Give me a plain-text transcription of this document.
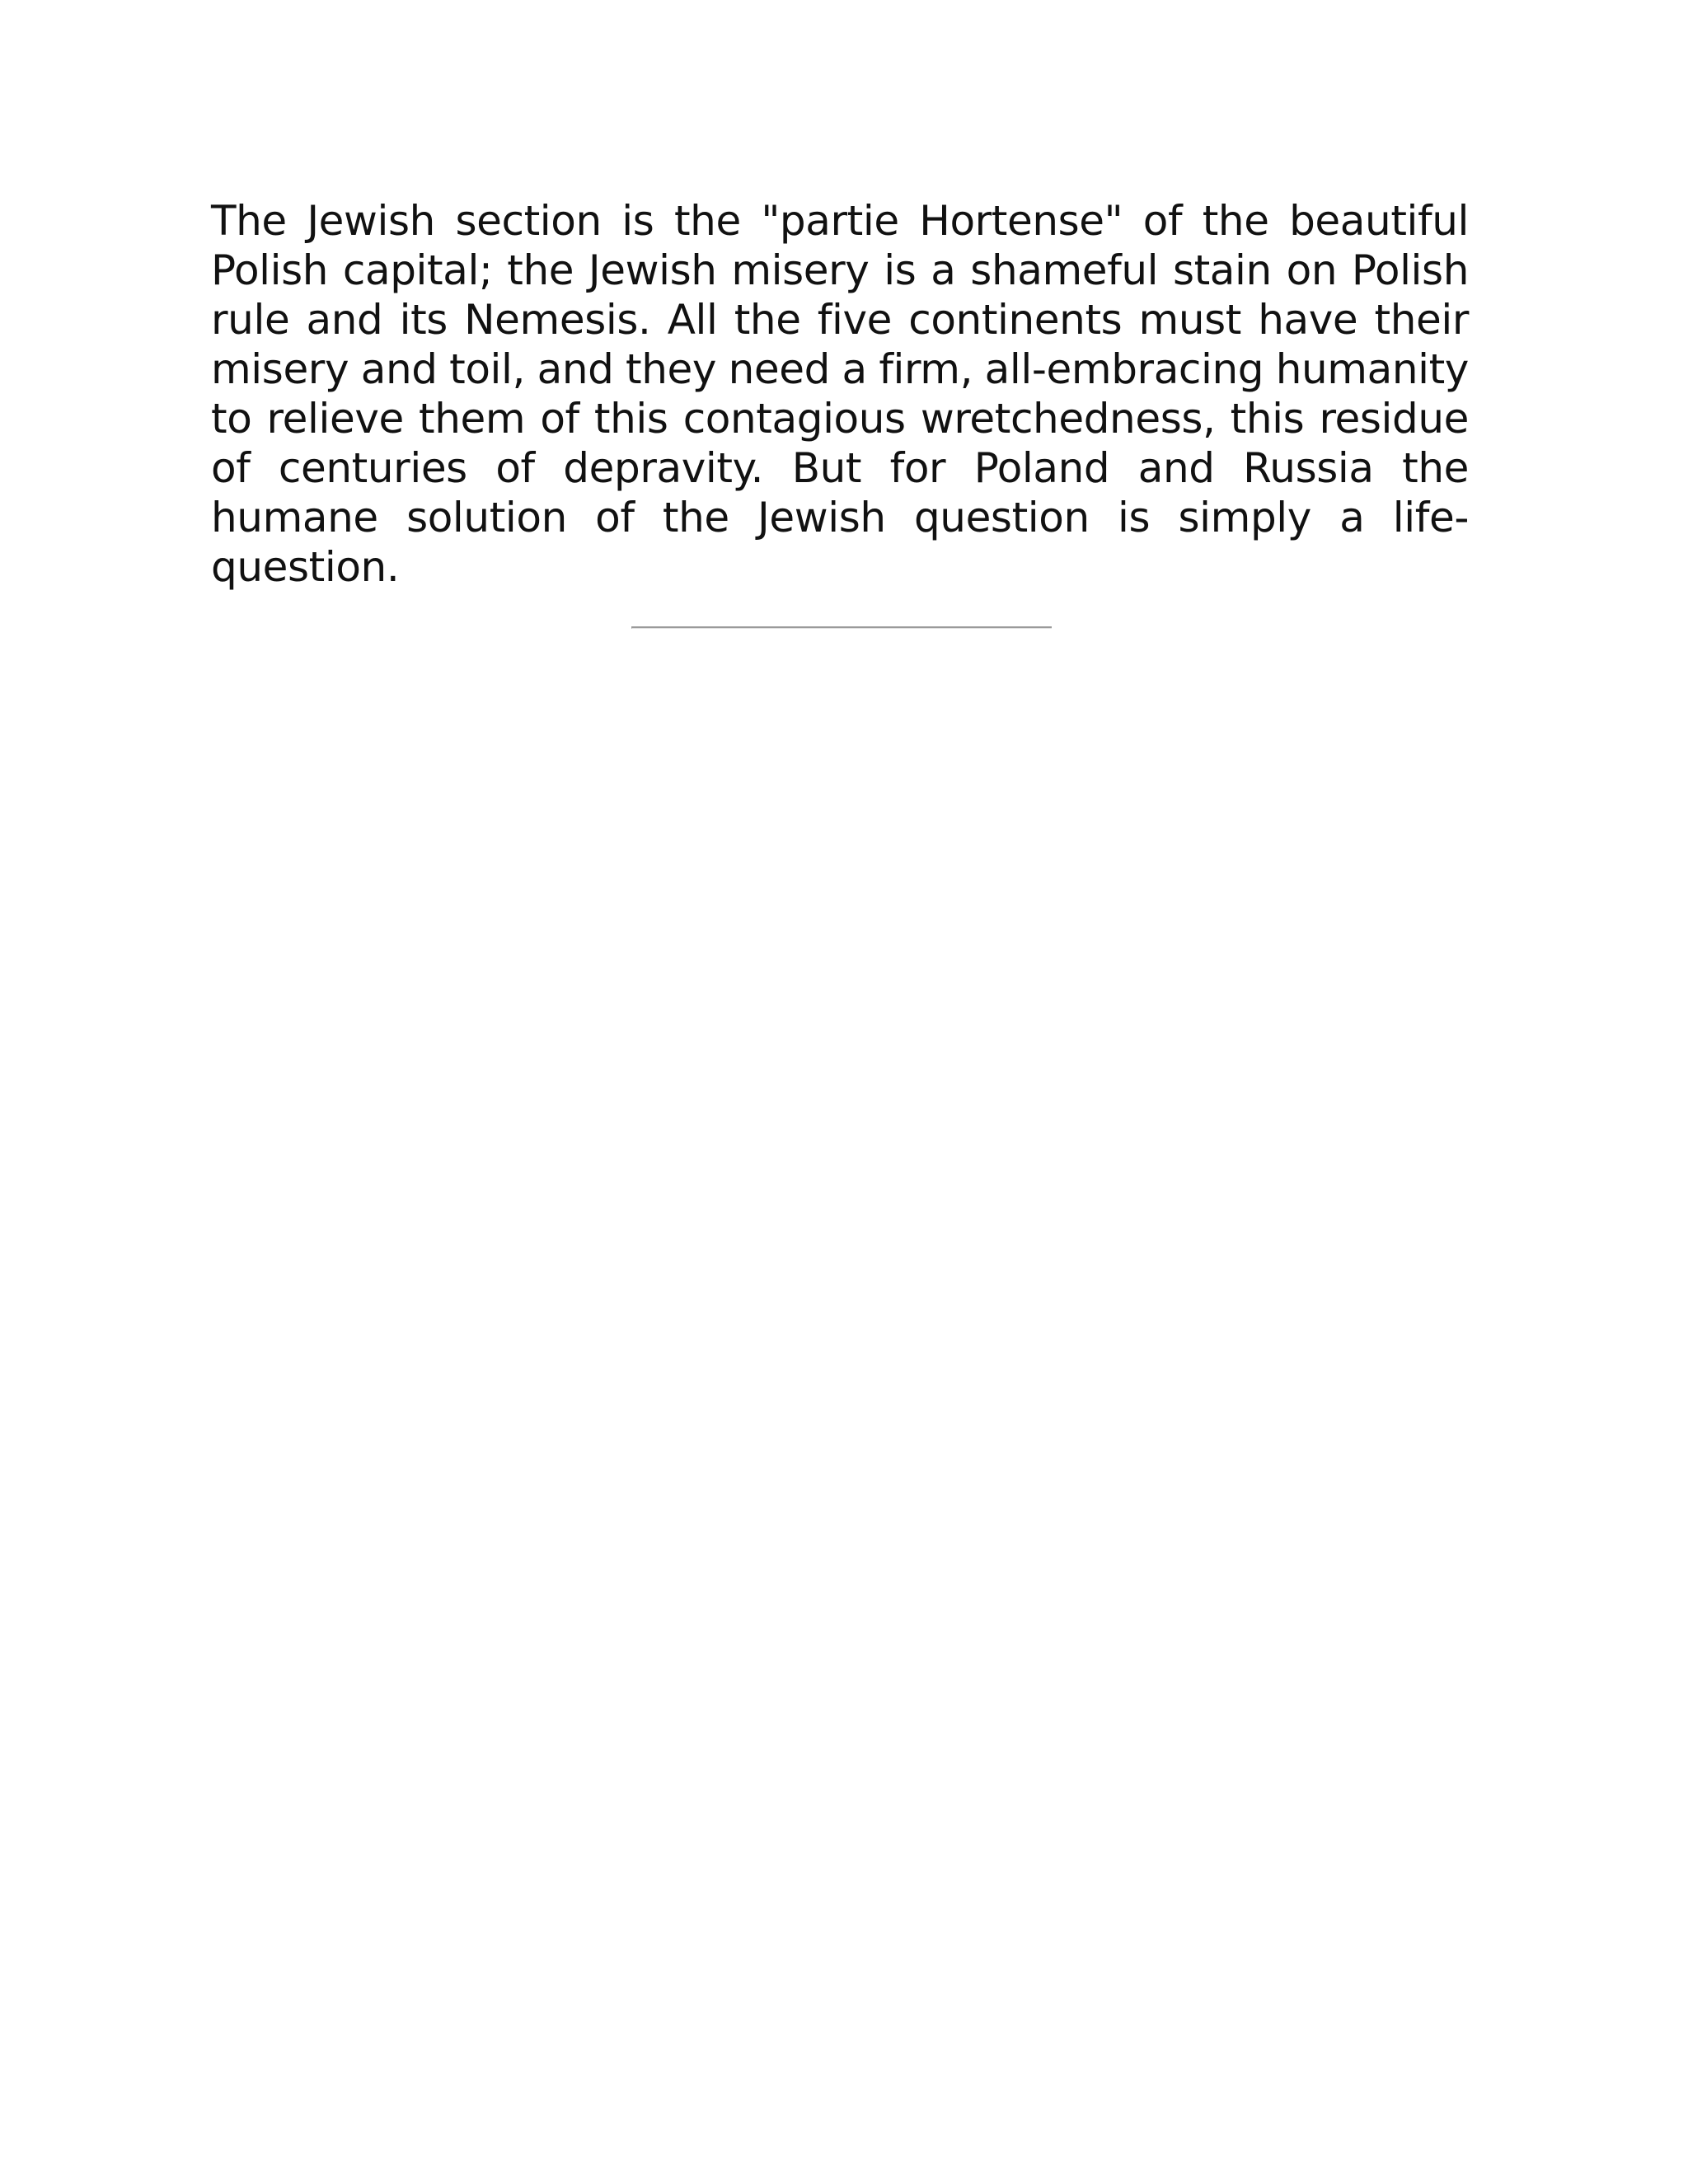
The Jewish section is the "partie Hortense" of the beautiful Polish capital; the Jewish misery is a shameful stain on Polish rule and its Nemesis. All the five continents must have their misery and toil, and they need a firm, all-embracing humanity to relieve them of this contagious wretchedness, this residue of centuries of depravity. But for Poland and Russia the humane solution of the Jewish question is simply a life-question.
